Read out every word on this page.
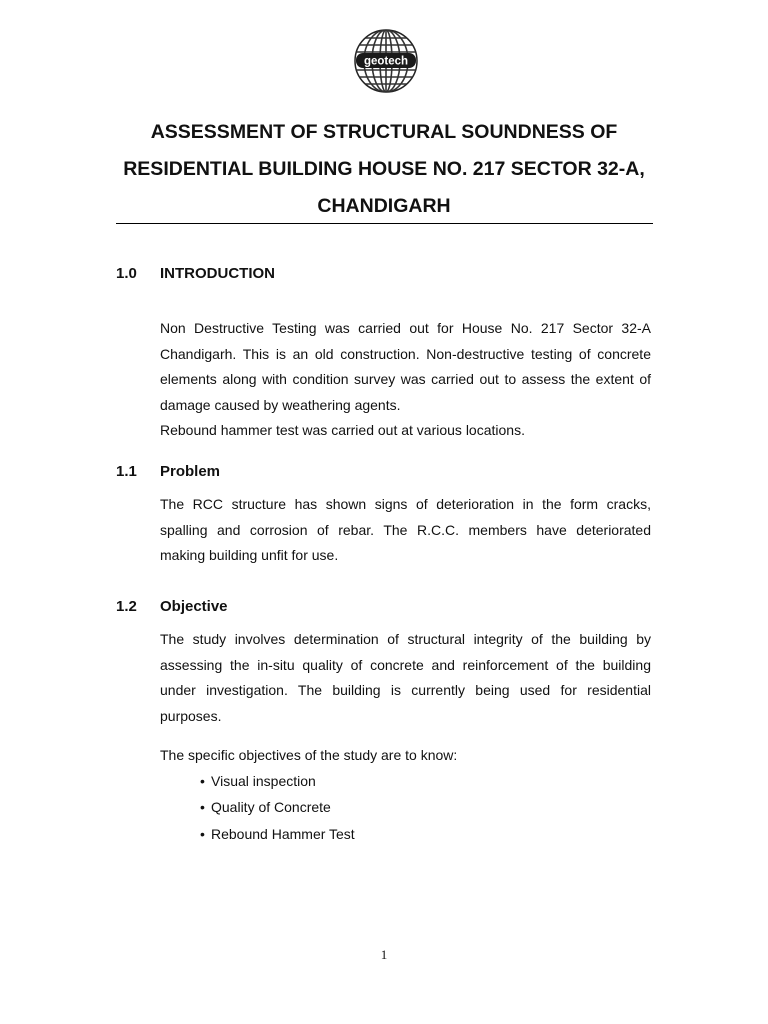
geotech
ASSESSMENT OF STRUCTURAL SOUNDNESS OF
RESIDENTIAL BUILDING HOUSE NO. 217 SECTOR 32-A,
CHANDIGARH
1.0 INTRODUCTION
Non Destructive Testing was carried out for House No. 217 Sector 32-A
Chandigarh. This is an old construction. Non-destructive testing of concrete
elements along with condition survey was carried out to assess the extent of
damage caused by weathering agents.
Rebound hammer test was carried out at various locations.
1.1 Problem
The RCC structure has shown signs of deterioration in the form cracks,
spalling and corrosion of rebar. The R.C.C. members have deteriorated
making building unfit for use.
1.2 Objective
The study involves determination of structural integrity of the building by
assessing the in-situ quality of concrete and reinforcement of the building
under investigation. The building is currently being used for residential
purposes.
The specific objectives of the study are to know:
• Visual inspection
• Quality of Concrete
• Rebound Hammer Test
1
